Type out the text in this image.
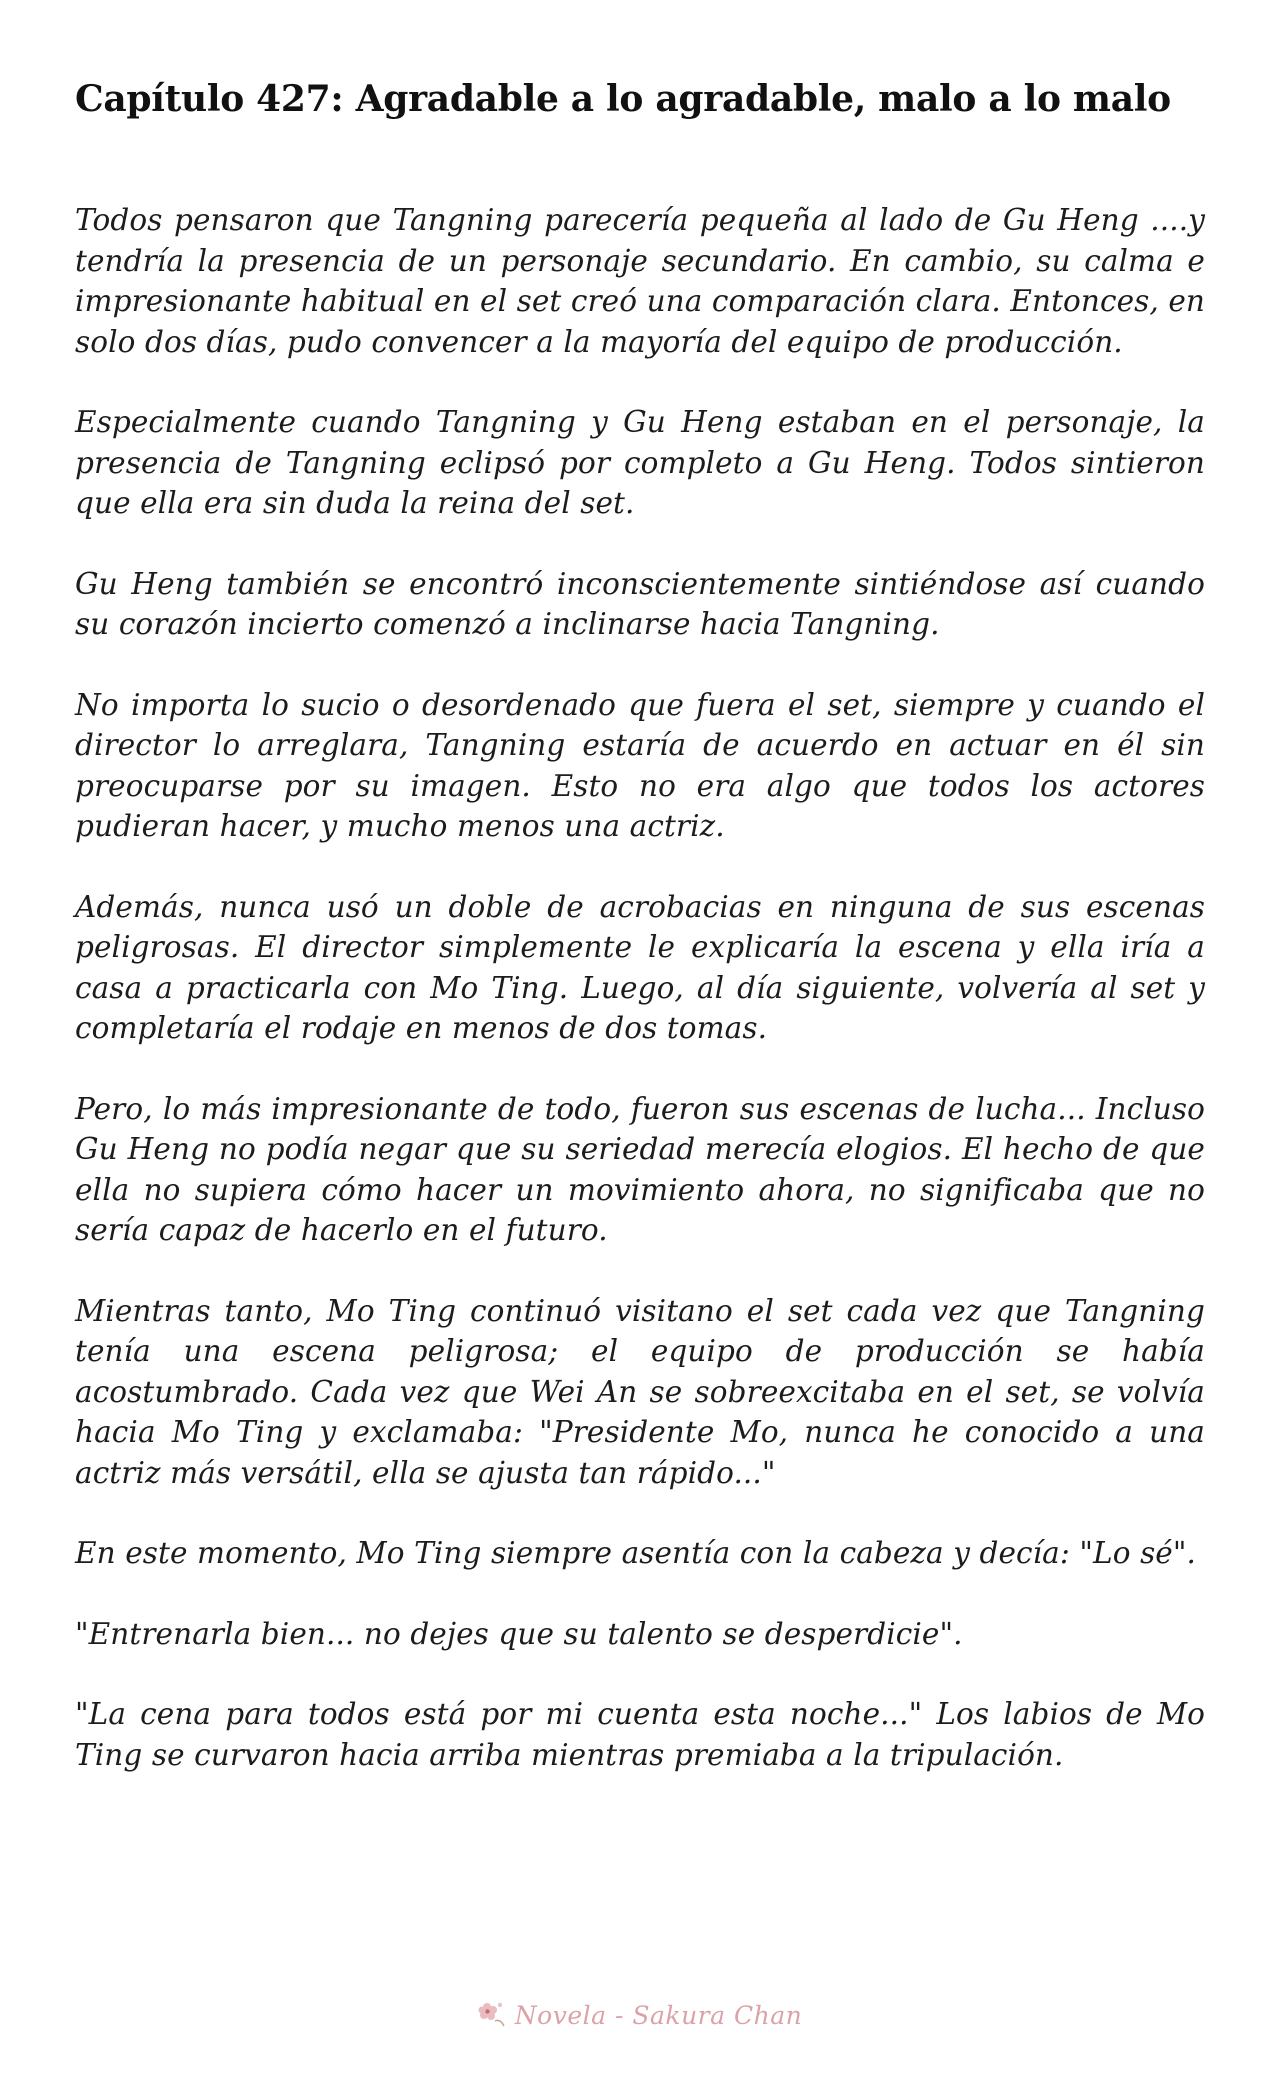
Capítulo 427: Agradable a lo agradable, malo a lo malo

Todos pensaron que Tangning parecería pequeña al lado de Gu Heng ....y tendría la presencia de un personaje secundario. En cambio, su calma e impresionante habitual en el set creó una comparación clara. Entonces, en solo dos días, pudo convencer a la mayoría del equipo de producción.

Especialmente cuando Tangning y Gu Heng estaban en el personaje, la presencia de Tangning eclipsó por completo a Gu Heng. Todos sintieron que ella era sin duda la reina del set.

Gu Heng también se encontró inconscientemente sintiéndose así cuando su corazón incierto comenzó a inclinarse hacia Tangning.

No importa lo sucio o desordenado que fuera el set, siempre y cuando el director lo arreglara, Tangning estaría de acuerdo en actuar en él sin preocuparse por su imagen. Esto no era algo que todos los actores pudieran hacer, y mucho menos una actriz.

Además, nunca usó un doble de acrobacias en ninguna de sus escenas peligrosas. El director simplemente le explicaría la escena y ella iría a casa a practicarla con Mo Ting. Luego, al día siguiente, volvería al set y completaría el rodaje en menos de dos tomas.

Pero, lo más impresionante de todo, fueron sus escenas de lucha... Incluso Gu Heng no podía negar que su seriedad merecía elogios. El hecho de que ella no supiera cómo hacer un movimiento ahora, no significaba que no sería capaz de hacerlo en el futuro.

Mientras tanto, Mo Ting continuó visitano el set cada vez que Tangning tenía una escena peligrosa; el equipo de producción se había acostumbrado. Cada vez que Wei An se sobreexcitaba en el set, se volvía hacia Mo Ting y exclamaba: "Presidente Mo, nunca he conocido a una actriz más versátil, ella se ajusta tan rápido..."

En este momento, Mo Ting siempre asentía con la cabeza y decía: "Lo sé".

"Entrenarla bien... no dejes que su talento se desperdicie".

"La cena para todos está por mi cuenta esta noche..." Los labios de Mo Ting se curvaron hacia arriba mientras premiaba a la tripulación.

Novela - Sakura Chan
